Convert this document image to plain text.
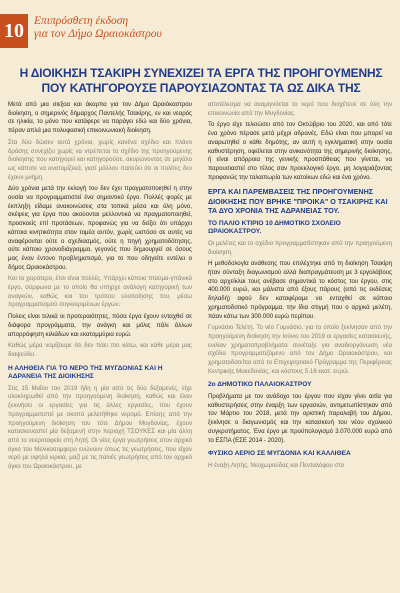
10 Επιπρόσθετη έκδοση
για τον Δήμο Ωραιοκάστρου
Η ΔΙΟΙΚΗΣΗ ΤΣΑΚΙΡΗ ΣΥΝΕΧΙΖΕΙ ΤΑ ΕΡΓΑ ΤΗΣ ΠΡΟΗΓΟΥΜΕΝΗΣ
ΠΟΥ ΚΑΤΗΓΟΡΟΥΣΕ ΠΑΡΟΥΣΙΑΖΟΝΤΑΣ ΤΑ ΩΣ ΔΙΚΑ ΤΗΣ

Μετά από μια σιεξοα και άκαρπα για τον Δήμο Ωραιόκαστρου διοίκηση, ο σημερινός δήμαρχος Παντελής Τσακίρης, εν και νεαρός σε ηλικία, το μόνο που κατάφερε να παράγει εδώ και δύο χρόνια, πέραν απλά μια πολυφασική επικοινωνιακή διοίκηση.

Στα δύο δώσεν αυτά χρόνια, χωρίς κανένα σχέδιο και πλάνο δράσης συνεχίζει χωρίς να ντρέπεται το σχέδιο της προηγούμενης διοίκησης που κατηγορεί και κατηγορούσε, ακυρώνοντας σε μεγάλο ως κάποτε να ανατομίζεκά, γιατί μάλλον παιτεύει ότι οι πολίτες δεν έχουν μνήμη.

Δύο χρόνια μετά την εκλογή του δεν έχει πραγματοποιηθεί η στην ουσία να προγραμματιστεί ένα σημαντικό έργο. Πολλές φορές με έκπληξη είδαμε ανακοινώσεις στα τοπικά μέσα και όλη μόνο, σκέψεις για έργα που ακούονται μελλοντικά να πραγματοποιηθεί, προσκοείς επί προτάσεων, προφανώς για να δείξει ότι υπάρχει κάποια κινητικότητα στον τομέα αυτόν, χωρίς ωστόσο σε αυτές να αναφέρονται ούτε ο σχεδιασμός, ούτε η πηγή χρηματοδότησης, ούτε κάποιο χρονοδιάγραμμα, γεγονός που δημιουργεί σε όσους μας έναν έντονο προβληματισμό, για το που οδηγείτε εντέλει ο δήμος Ωραιοκάστρου.

Και το χειρότερο, έτσι είναι πολλές. Υπάρχει κάποιο πταύμα-γπάνικό έργο, σύμφωνα με το οποίο θα υπηρχε ανάλογη κατηγορική των αναγκών, καθώς και του τρόπου υλοποίησης του, μέσω προγραμματισμού συγκεκριμένων έργων.

Πολεις είναι τελικά οι προτεραιότητες, πόσα έργα έχουν ενταχθεί σε διάφορα προγράμματα, την ανάγκη και μόλις πάλι άλλων απορρόφηση κιλιάδων και εκατομμύρια ευρώ.

Καθώς μέρα νομίζουμε ότι δεν πάει πιο κάτω, και κάθε μέρα μας διαψεύδει.

Η ΑΛΗΘΕΙΑ ΓΙΑ ΤΟ ΝΕΡΟ ΤΗΣ ΜΥΓΔΟΝΙΑΣ ΚΑΙ Η ΑΔΡΑΝΕΙΑ ΤΗΣ ΔΙΟΙΚΗΣΗΣ

Στις 15 Μαΐου του 2019 ήδη η μία από τις δύο δεξαμενές, είχε ολοκληρωθεί από την προηγούμενη διοίκηση, καθώς και έλαν ξεκινήσει οι εργασίες για τις άλλες εργασίες, που έχουν προγραμματιστεί με σκοπό μελετήθηκε νερομό. Επίσης από την προηγούμενη διοίκηση του τότε Δήμου Μυγδονίας, έχουν κατασκευαστεί μία δεξαμενή στην περιοχή ΤΣΟΥΚΕΣ και μία άλλη από το νεκροταφείο στη Λητή. Οι νέες έργα γεωτρήσεις στον αρχικό όγκο του Μελικοσυμφερο ενώνουν όπως τις γεωτρήσεις, που είχαν νερό με υψηλά κιρκιά, μαζί με τις παλιές γεωτρήσεις από τον αρχικό όγκο του Ωραιοκάστρου, με

αποτέλεσμα να αναμιγνύεται το νερό που διοχέτευε σε όλη την επικοινωνία από την Μυγδονίας.

Το έργο είχε τελειώσει από τον Οκτώβριο του 2020, και από τότε ένα χρόνο πέρασε μετά μέχρι αδρανές. Εδώ είναι που μπορεί να αναρωτηθεί ο κάθε δημότης, αν αυτή η εγκληματική στην ουσία καθυστέρηση, οφείλεται στην ανικανότητα της σημερινής διοίκησης, ή είναι απόρροια της γενικής προσπάθειας που γίνεται, να παρουσιαστεί στο τέλος σαν προεκλογικό έργο, μη λογαριάζοντας προφανώς την ταλαιπωρία των κατοίκων εδώ και ένα χρόνο.

ΕΡΓΑ ΚΑΙ ΠΑΡΕΜΒΑΣΕΙΣ ΤΗΣ ΠΡΟΗΓΟΥΜΕΝΗΣ ΔΙΟΙΚΗΣΗΣ ΠΟΥ ΒΡΗΚΕ "ΠΡΟΙΚΑ" Ο ΤΣΑΚΙΡΗΣ ΚΑΙ ΤΑ ΔΥΟ ΧΡΟΝΙΑ ΤΗΣ ΑΔΡΑΝΕΙΑΣ ΤΟΥ.
ΤΟ ΠΑΛΙΟ ΚΤΙΡΙΟ 10 ΔΗΜΟΤΙΚΟ ΣΧΟΛΕΙΟ ΩΡΑΙΟΚΑΣΤΡΟΥ.

Οι μελέτες και το σχέδιο προγραμματίστηκαν από την προηγούμενη διοίκηση.

Η μεθοδολογία ανάθεσης που επιλέχτηκε από τη διοίκηση Τσακίρη ήταν σύνταξη διαγωνισμού αλλά διαπραγμάτευση με 3 εργολάβους στο αρχείκλαι τους ανέβασε σημαντικά το κόστος του έργου, στις 400.000 ευρώ, και μάλιστα από έξους πάρους (από τις εκδέσεις δηλαδή) αφού δεν καταφέραμε να ενταχθεί σε κάποιο χρηματοδοτικό πρόγραμμα, την ίδια στιγμή που ο αρχικά μελέτη, πάαν κάτω των 300.000 ευρώ περίπου.

Γυμνάσιο Τελέτη. Το νέο Γυμνάσιο, για το οποίο ξεκίνησαν από την προηγούμενη διοίκηση την Ιούνιο του 2019 οι εργασίες κατασκευής, ενιλίαν χρηματοπροβλήματα συνέταξε για αναδιοργάνωση νέα σχέδια προγραμματιζόμενο από τον Δήμο Ωραιοκάστρου, και χρηματοδοτείται από το Επιχειρησιακό Πρόγραμμα της Περιφέρειας Κεντρικής Μακεδονίας, και κόστους 5.16 εκατ. ευρώ.

2ο ΔΗΜΟΤΙΚΟ ΠΑΛΑΙΟΚΑΣΤΡΟΥ

Προβλήματα με τον ανάδοχο του έργου που είχαν γίνει αιτία για καθυστερήσεις στην έναρξη των εργασιών, αντιμετωπίστηκαν από τον Μάρτιο του 2018, μετά την οριστική παραλαβή του Δήμου, ξεκίνησε ο διαγωνισμός και την κατασκευή του νέου σχολικού συγκροτήματος. Ένα έργο με προϋπολογισμό 3.070.000 ευρώ από το ΕΣΠΑ (ΕΣΕ 2014 - 2020).

ΦΥΣΙΚΟ ΑΕΡΙΟ ΣΕ ΜΥΓΔΟΝΙΑ ΚΑΙ ΚΑΛΛΙΘΕΑ

Η έναξη Λητής, Νεοχωρούδας και Πενταλόφου στο
